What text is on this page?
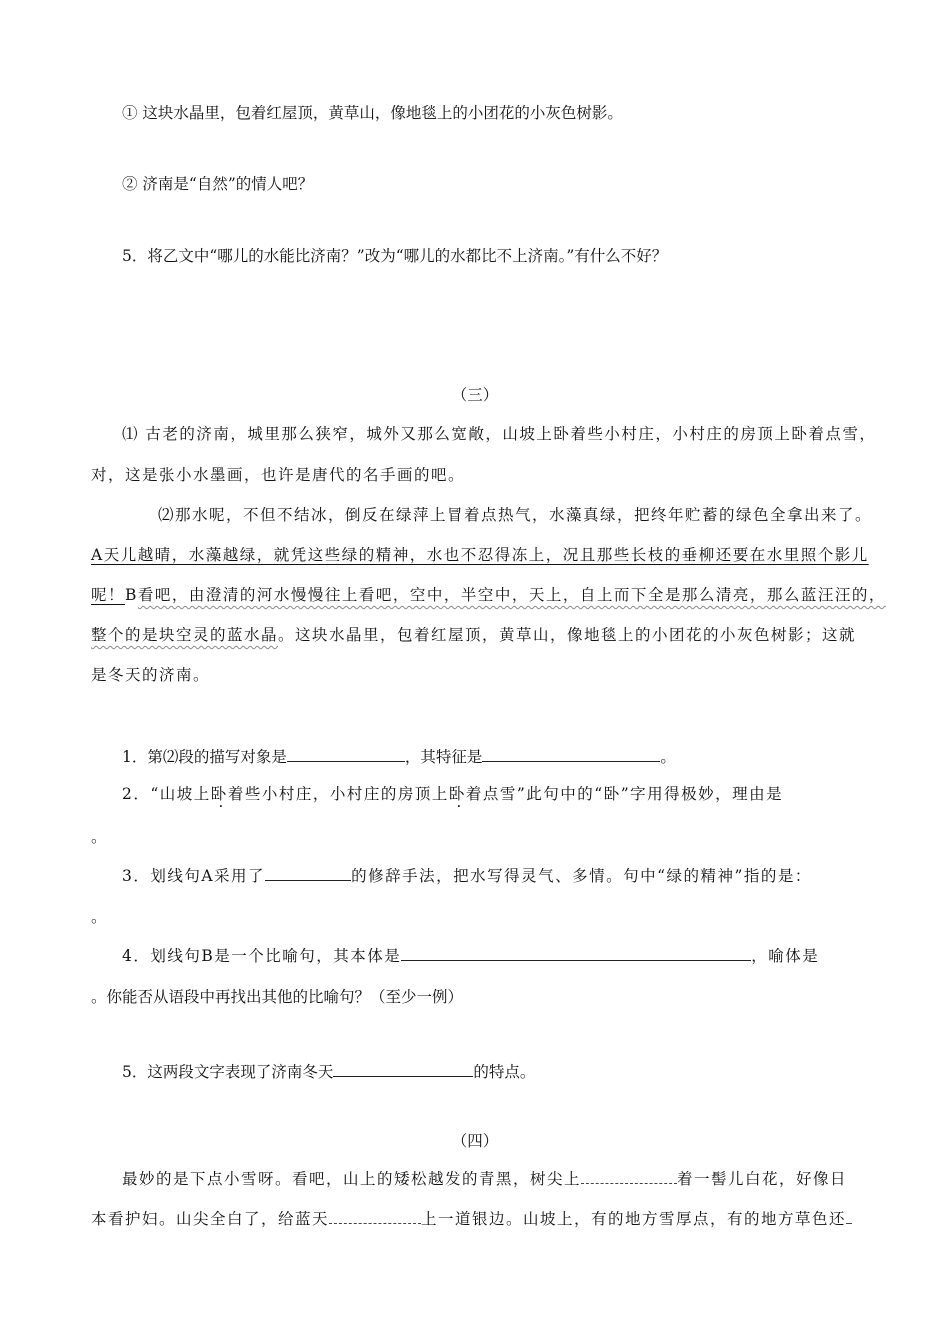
① 这块水晶里，包着红屋顶，黄草山，像地毯上的小团花的小灰色树影。
② 济南是“自然”的情人吧？
5．将乙文中“哪儿的水能比济南？”改为“哪儿的水都比不上济南。”有什么不好？
（三）
⑴ 古老的济南，城里那么狭窄，城外又那么宽敞，山坡上卧着些小村庄，小村庄的房顶上卧着点雪，
对，这是张小水墨画，也许是唐代的名手画的吧。
⑵那水呢，不但不结冰，倒反在绿萍上冒着点热气，水藻真绿，把终年贮蓄的绿色全拿出来了。
A天儿越晴，水藻越绿，就凭这些绿的精神，水也不忍得冻上，况且那些长枝的垂柳还要在水里照个影儿
呢！B看吧，由澄清的河水慢慢往上看吧，空中，半空中，天上，自上而下全是那么清亮，那么蓝汪汪的，
整个的是块空灵的蓝水晶。这块水晶里，包着红屋顶，黄草山，像地毯上的小团花的小灰色树影；这就
是冬天的济南。
1．第⑵段的描写对象是	，其特征是	。
2．“山坡上卧着些小村庄，小村庄的房顶上卧着点雪”此句中的“卧”字用得极妙，理由是
。
3．划线句A采用了	的修辞手法，把水写得灵气、多情。句中“绿的精神”指的是：
。
4．划线句B是一个比喻句，其本体是	，喻体是
。你能否从语段中再找出其他的比喻句？（至少一例）
5．这两段文字表现了济南冬天	的特点。
（四）
最妙的是下点小雪呀。看吧，山上的矮松越发的青黑，树尖上	着一髻儿白花，好像日
本看护妇。山尖全白了，给蓝天	上一道银边。山坡上，有的地方雪厚点，有的地方草色还
